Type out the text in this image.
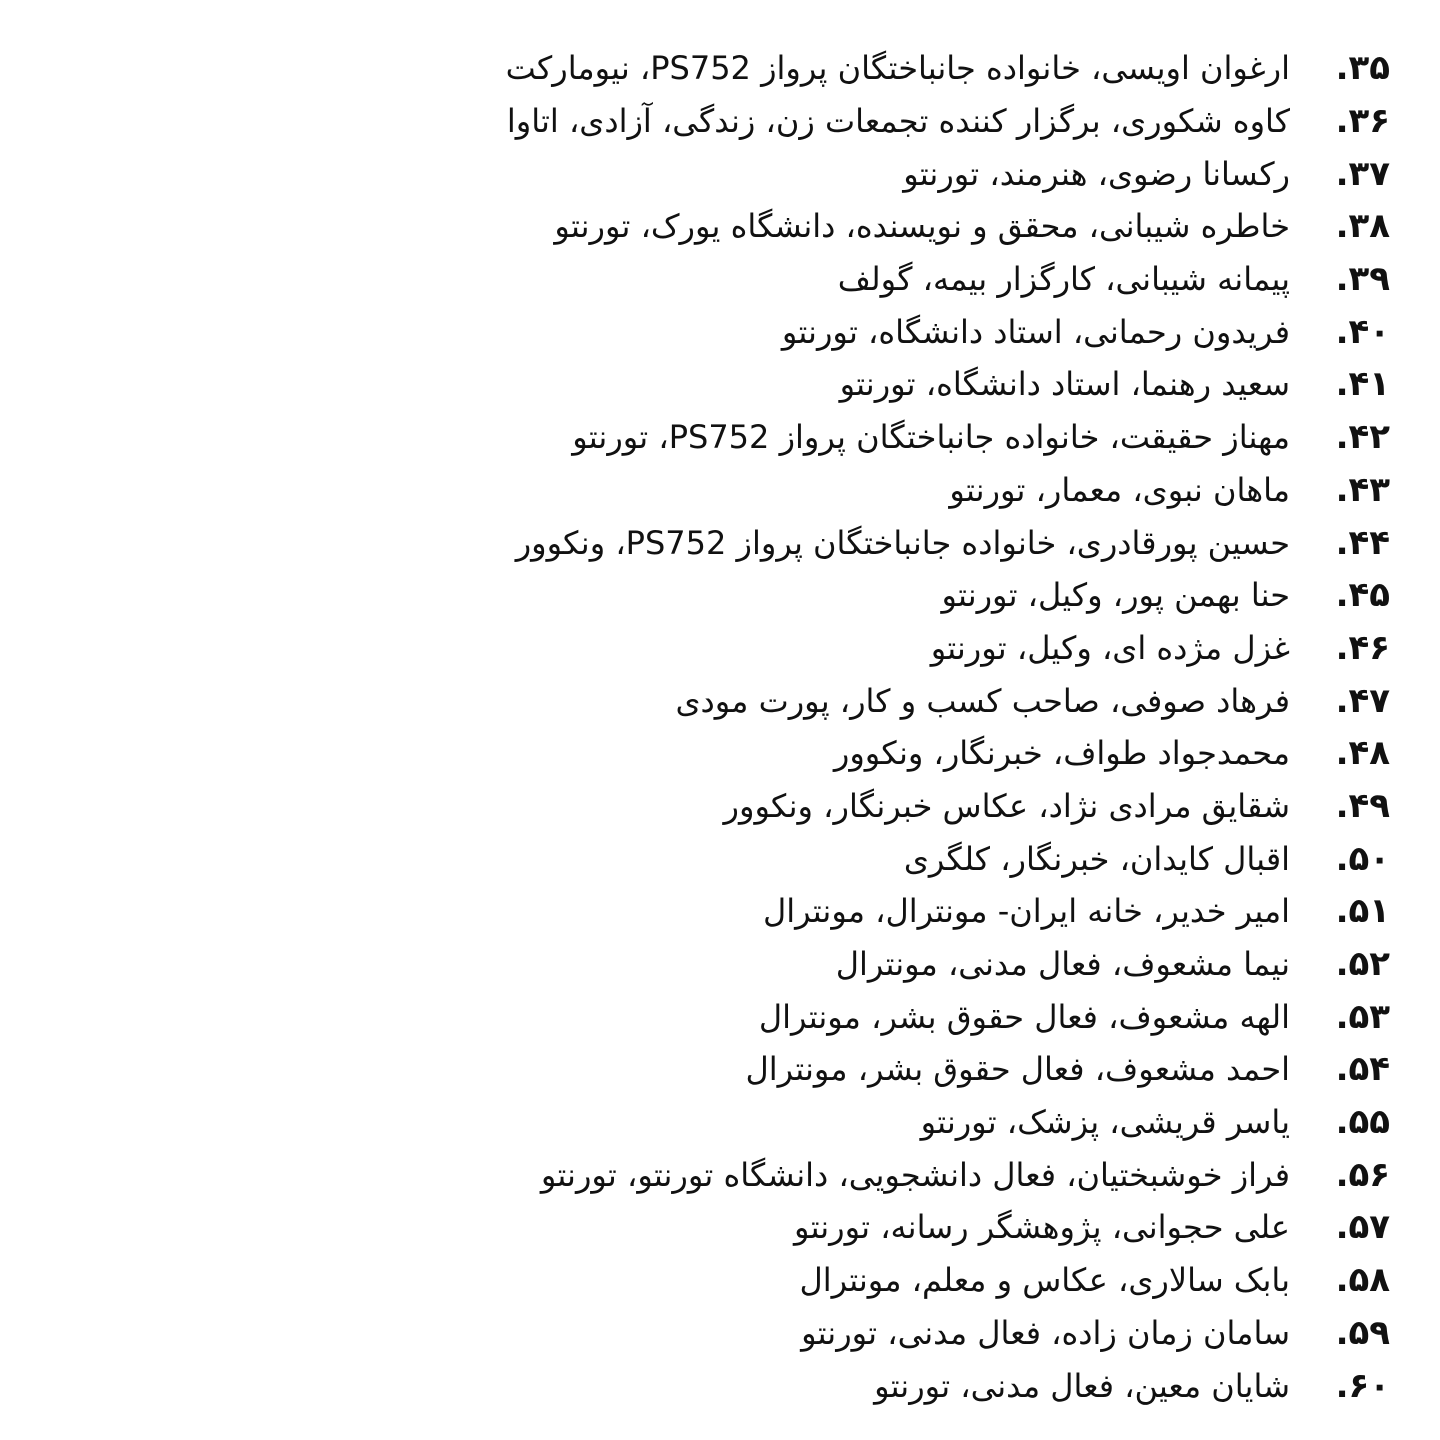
۳۵.
ارغوان اویسی، خانواده جانباختگان پرواز PS752، نیومارکت
۳۶.
کاوه شکوری، برگزار کننده تجمعات زن، زندگی، آزادی، اتاوا
۳۷.
رکسانا رضوی، هنرمند، تورنتو
۳۸.
خاطره شیبانی، محقق و نویسنده، دانشگاه یورک، تورنتو
۳۹.
پیمانه شیبانی، کارگزار بیمه، گولف
۴۰.
فریدون رحمانی، استاد دانشگاه، تورنتو
۴۱.
سعید رهنما، استاد دانشگاه، تورنتو
۴۲.
مهناز حقیقت، خانواده جانباختگان پرواز PS752، تورنتو
۴۳.
ماهان نبوی، معمار، تورنتو
۴۴.
حسین پورقادری، خانواده جانباختگان پرواز PS752، ونکوور
۴۵.
حنا بهمن پور، وکیل، تورنتو
۴۶.
غزل مژده ای، وکیل، تورنتو
۴۷.
فرهاد صوفی، صاحب کسب و کار، پورت مودی
۴۸.
محمدجواد طواف، خبرنگار، ونکوور
۴۹.
شقایق مرادی نژاد، عکاس خبرنگار، ونکوور
۵۰.
اقبال کایدان، خبرنگار، کلگری
۵۱.
امیر خدیر، خانه ایران- مونترال، مونترال
۵۲.
نیما مشعوف، فعال مدنی، مونترال
۵۳.
الهه مشعوف، فعال حقوق بشر، مونترال
۵۴.
احمد مشعوف، فعال حقوق بشر، مونترال
۵۵.
یاسر قریشی، پزشک، تورنتو
۵۶.
فراز خوشبختیان، فعال دانشجویی، دانشگاه تورنتو، تورنتو
۵۷.
علی حجوانی، پژوهشگر رسانه، تورنتو
۵۸.
بابک سالاری، عکاس و معلم، مونترال
۵۹.
سامان زمان زاده، فعال مدنی، تورنتو
۶۰.
شایان معین، فعال مدنی، تورنتو
